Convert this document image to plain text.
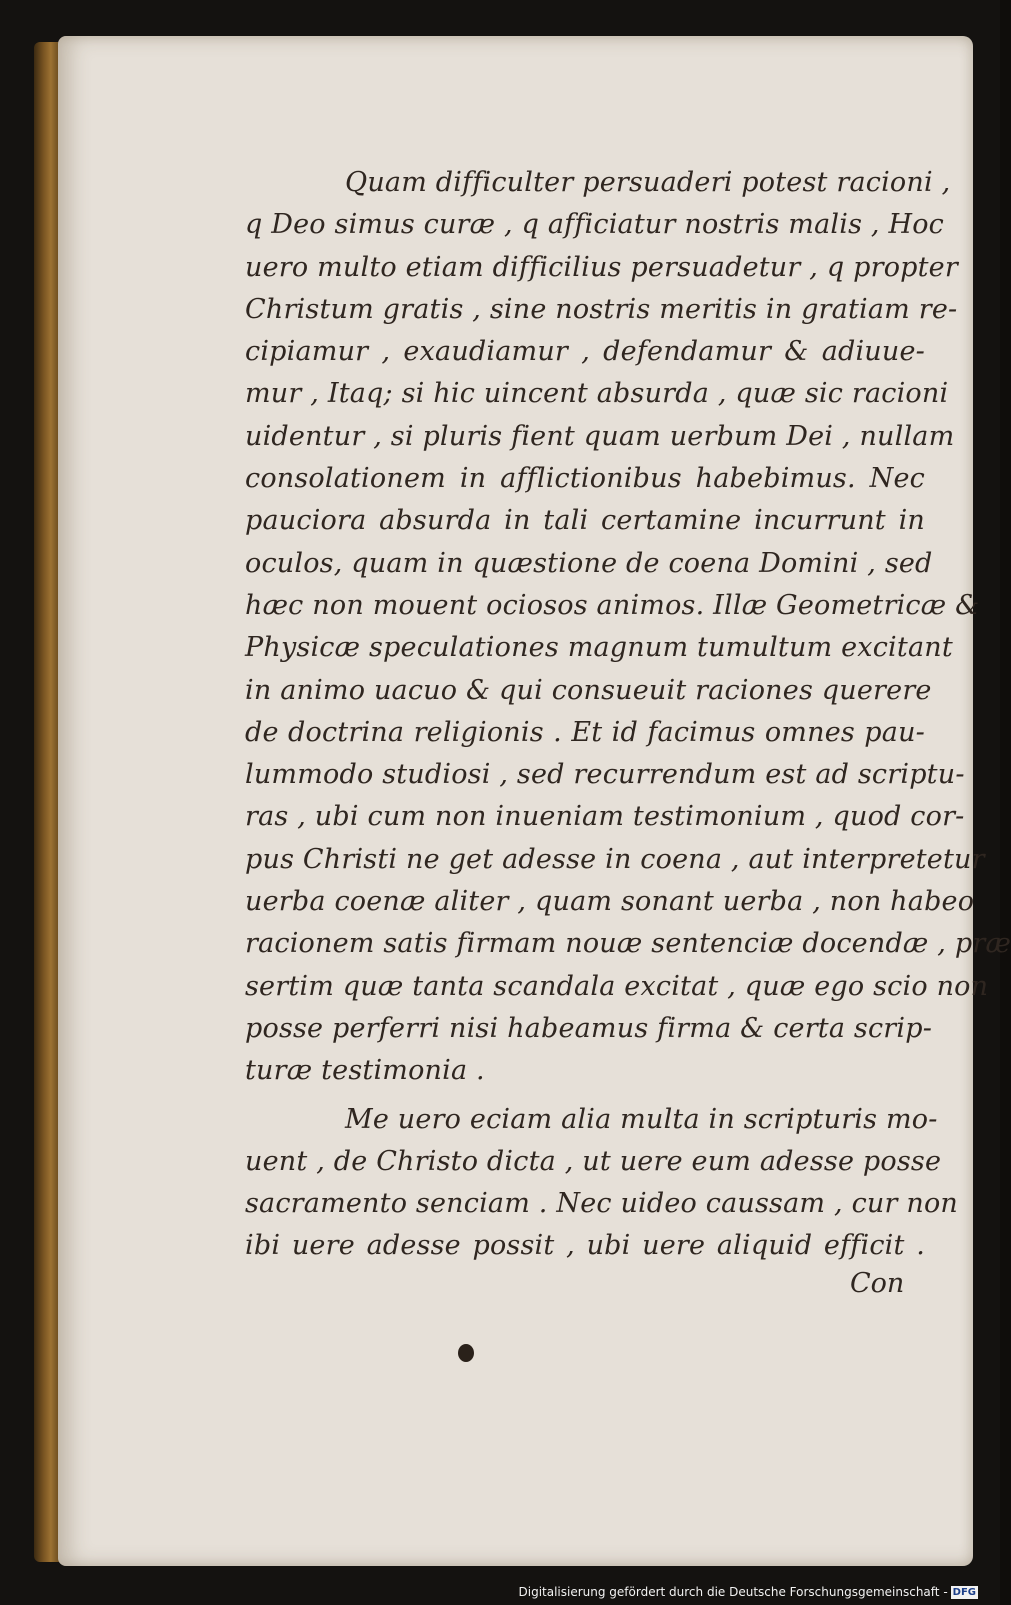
Quam difficulter persuaderi potest racioni ,
q Deo simus curæ , q afficiatur nostris malis , Hoc
uero multo etiam difficilius persuadetur , q propter
Christum gratis , sine nostris meritis in gratiam re-
cipiamur , exaudiamur , defendamur & adiuue-
mur , Itaq; si hic uincent absurda , quæ sic racioni
uidentur , si pluris fient quam uerbum Dei , nullam
consolationem in afflictionibus habebimus. Nec
pauciora absurda in tali certamine incurrunt in
oculos, quam in quæstione de coena Domini , sed
hæc non mouent ociosos animos. Illæ Geometricæ &
Physicæ speculationes magnum tumultum excitant
in animo uacuo & qui consueuit raciones querere
de doctrina religionis . Et id facimus omnes pau-
lummodo studiosi , sed recurrendum est ad scriptu-
ras , ubi cum non inueniam testimonium , quod cor-
pus Christi ne get adesse in coena , aut interpretetur
uerba coenæ aliter , quam sonant uerba , non habeo
racionem satis firmam nouæ sentenciæ docendæ , præ
sertim quæ tanta scandala excitat , quæ ego scio non
posse perferri nisi habeamus firma & certa scrip-
turæ testimonia .
Me uero eciam alia multa in scripturis mo-
uent , de Christo dicta , ut uere eum adesse posse
sacramento senciam . Nec uideo caussam , cur non
ibi uere adesse possit , ubi uere aliquid efficit .
Con
Digitalisierung gefördert durch die Deutsche Forschungsgemeinschaft - DFG
